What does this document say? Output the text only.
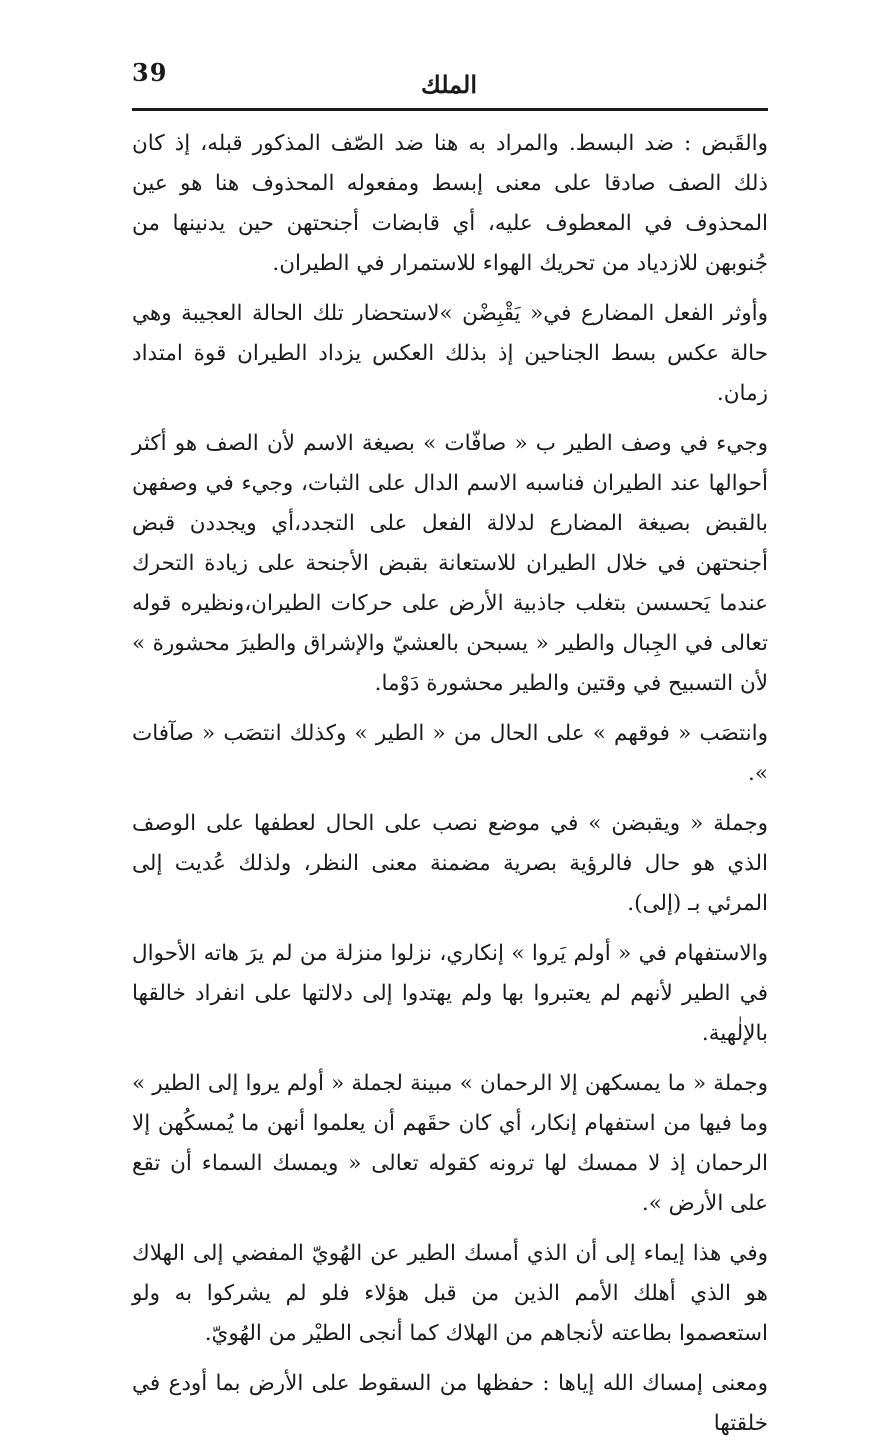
39	الملك

والقَبض : ضد البسط. والمراد به هنا ضد الصّف المذكور قبله، إذ كان ذلك الصف صادقا على معنى إبسط ومفعوله المحذوف هنا هو عين المحذوف في المعطوف عليه، أي قابضات أجنحتهن حين يدنينها من جُنوبهن للازدياد من تحريك الهواء للاستمرار في الطيران.

وأوثر الفعل المضارع في« يَقْبِضْن »لاستحضار تلك الحالة العجيبة وهي حالة عكس بسط الجناحين إذ بذلك العكس يزداد الطيران قوة امتداد زمان.

وجيء في وصف الطير ب « صافّات » بصيغة الاسم لأن الصف هو أكثر أحوالها عند الطيران فناسبه الاسم الدال على الثبات، وجيء في وصفهن بالقبض بصيغة المضارع لدلالة الفعل على التجدد،أي ويجددن قبض أجنحتهن في خلال الطيران للاستعانة بقبض الأجنحة على زيادة التحرك عندما يَحسسن بتغلب جاذبية الأرض على حركات الطيران،ونظيره قوله تعالى في الجِبال والطير « يسبحن بالعشيّ والإشراق والطيرَ محشورة » لأن التسبيح في وقتين والطير محشورة دَوْما.

وانتصَب « فوقهم » على الحال من « الطير » وكذلك انتصَب « صآفات ».

وجملة « ويقبضن » في موضع نصب على الحال لعطفها على الوصف الذي هو حال فالرؤية بصرية مضمنة معنى النظر، ولذلك عُديت إلى المرئي بـ (إلى).

والاستفهام في « أولم يَروا » إنكاري، نزلوا منزلة من لم يرَ هاته الأحوال في الطير لأنهم لم يعتبروا بها ولم يهتدوا إلى دلالتها على انفراد خالقها بالإلٰهية.

وجملة « ما يمسكهن إلا الرحمان » مبينة لجملة « أولم يروا إلى الطير » وما فيها من استفهام إنكار، أي كان حقَهم أن يعلموا أنهن ما يُمسكُهن إلا الرحمان إذ لا ممسك لها ترونه كقوله تعالى « ويمسك السماء أن تقع على الأرض ».

وفي هذا إيماء إلى أن الذي أمسك الطير عن الهُويّ المفضي إلى الهلاك هو الذي أهلك الأمم الذين من قبل هؤلاء فلو لم يشركوا به ولو استعصموا بطاعته لأنجاهم من الهلاك كما أنجى الطيْر من الهُويّ.

ومعنى إمساك الله إياها : حفظها من السقوط على الأرض بما أودع في خلقتها
